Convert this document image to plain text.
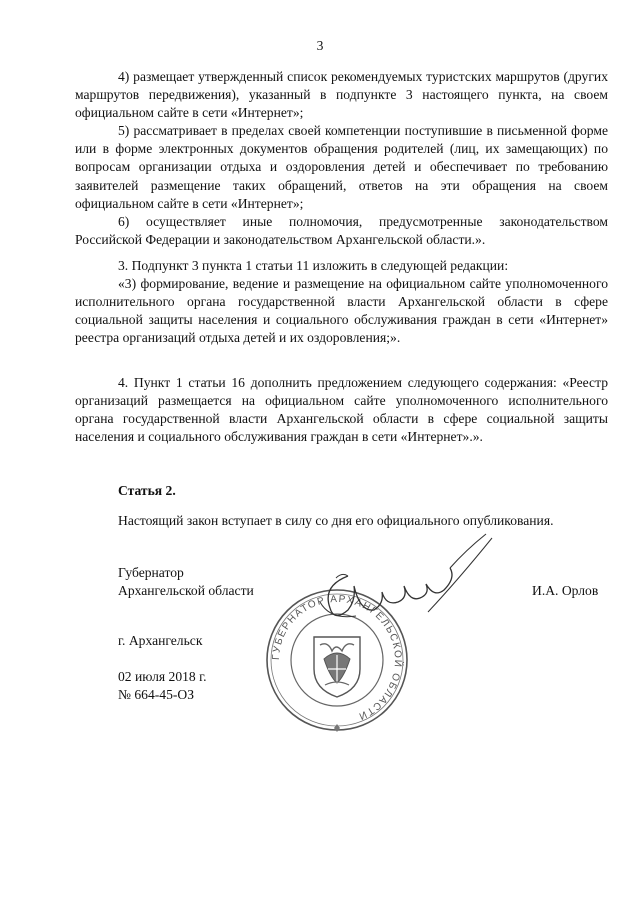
3

4) размещает утвержденный список рекомендуемых туристских маршрутов (других маршрутов передвижения), указанный в подпункте 3 настоящего пункта, на своем официальном сайте в сети «Интернет»;

5) рассматривает в пределах своей компетенции поступившие в письменной форме или в форме электронных документов обращения родителей (лиц, их замещающих) по вопросам организации отдыха и оздоровления детей и обеспечивает по требованию заявителей размещение таких обращений, ответов на эти обращения на своем официальном сайте в сети «Интернет»;

6) осуществляет иные полномочия, предусмотренные законодательством Российской Федерации и законодательством Архангельской области.».

3. Подпункт 3 пункта 1 статьи 11 изложить в следующей редакции:

«3) формирование, ведение и размещение на официальном сайте уполномоченного исполнительного органа государственной власти Архангельской области в сфере социальной защиты населения и социального обслуживания граждан в сети «Интернет» реестра организаций отдыха детей и их оздоровления;».

4. Пункт 1 статьи 16 дополнить предложением следующего содержания: «Реестр организаций размещается на официальном сайте уполномоченного исполнительного органа государственной власти Архангельской области в сфере социальной защиты населения и социального обслуживания граждан в сети «Интернет».».

Статья 2.
Настоящий закон вступает в силу со дня его официального опубликования.
Губернатор
Архангельской области	И.А. Орлов
г. Архангельск
02 июля 2018 г.
№ 664-45-ОЗ
ГУБЕРНАТОР АРХАНГЕЛЬСКОЙ ОБЛАСТИ
